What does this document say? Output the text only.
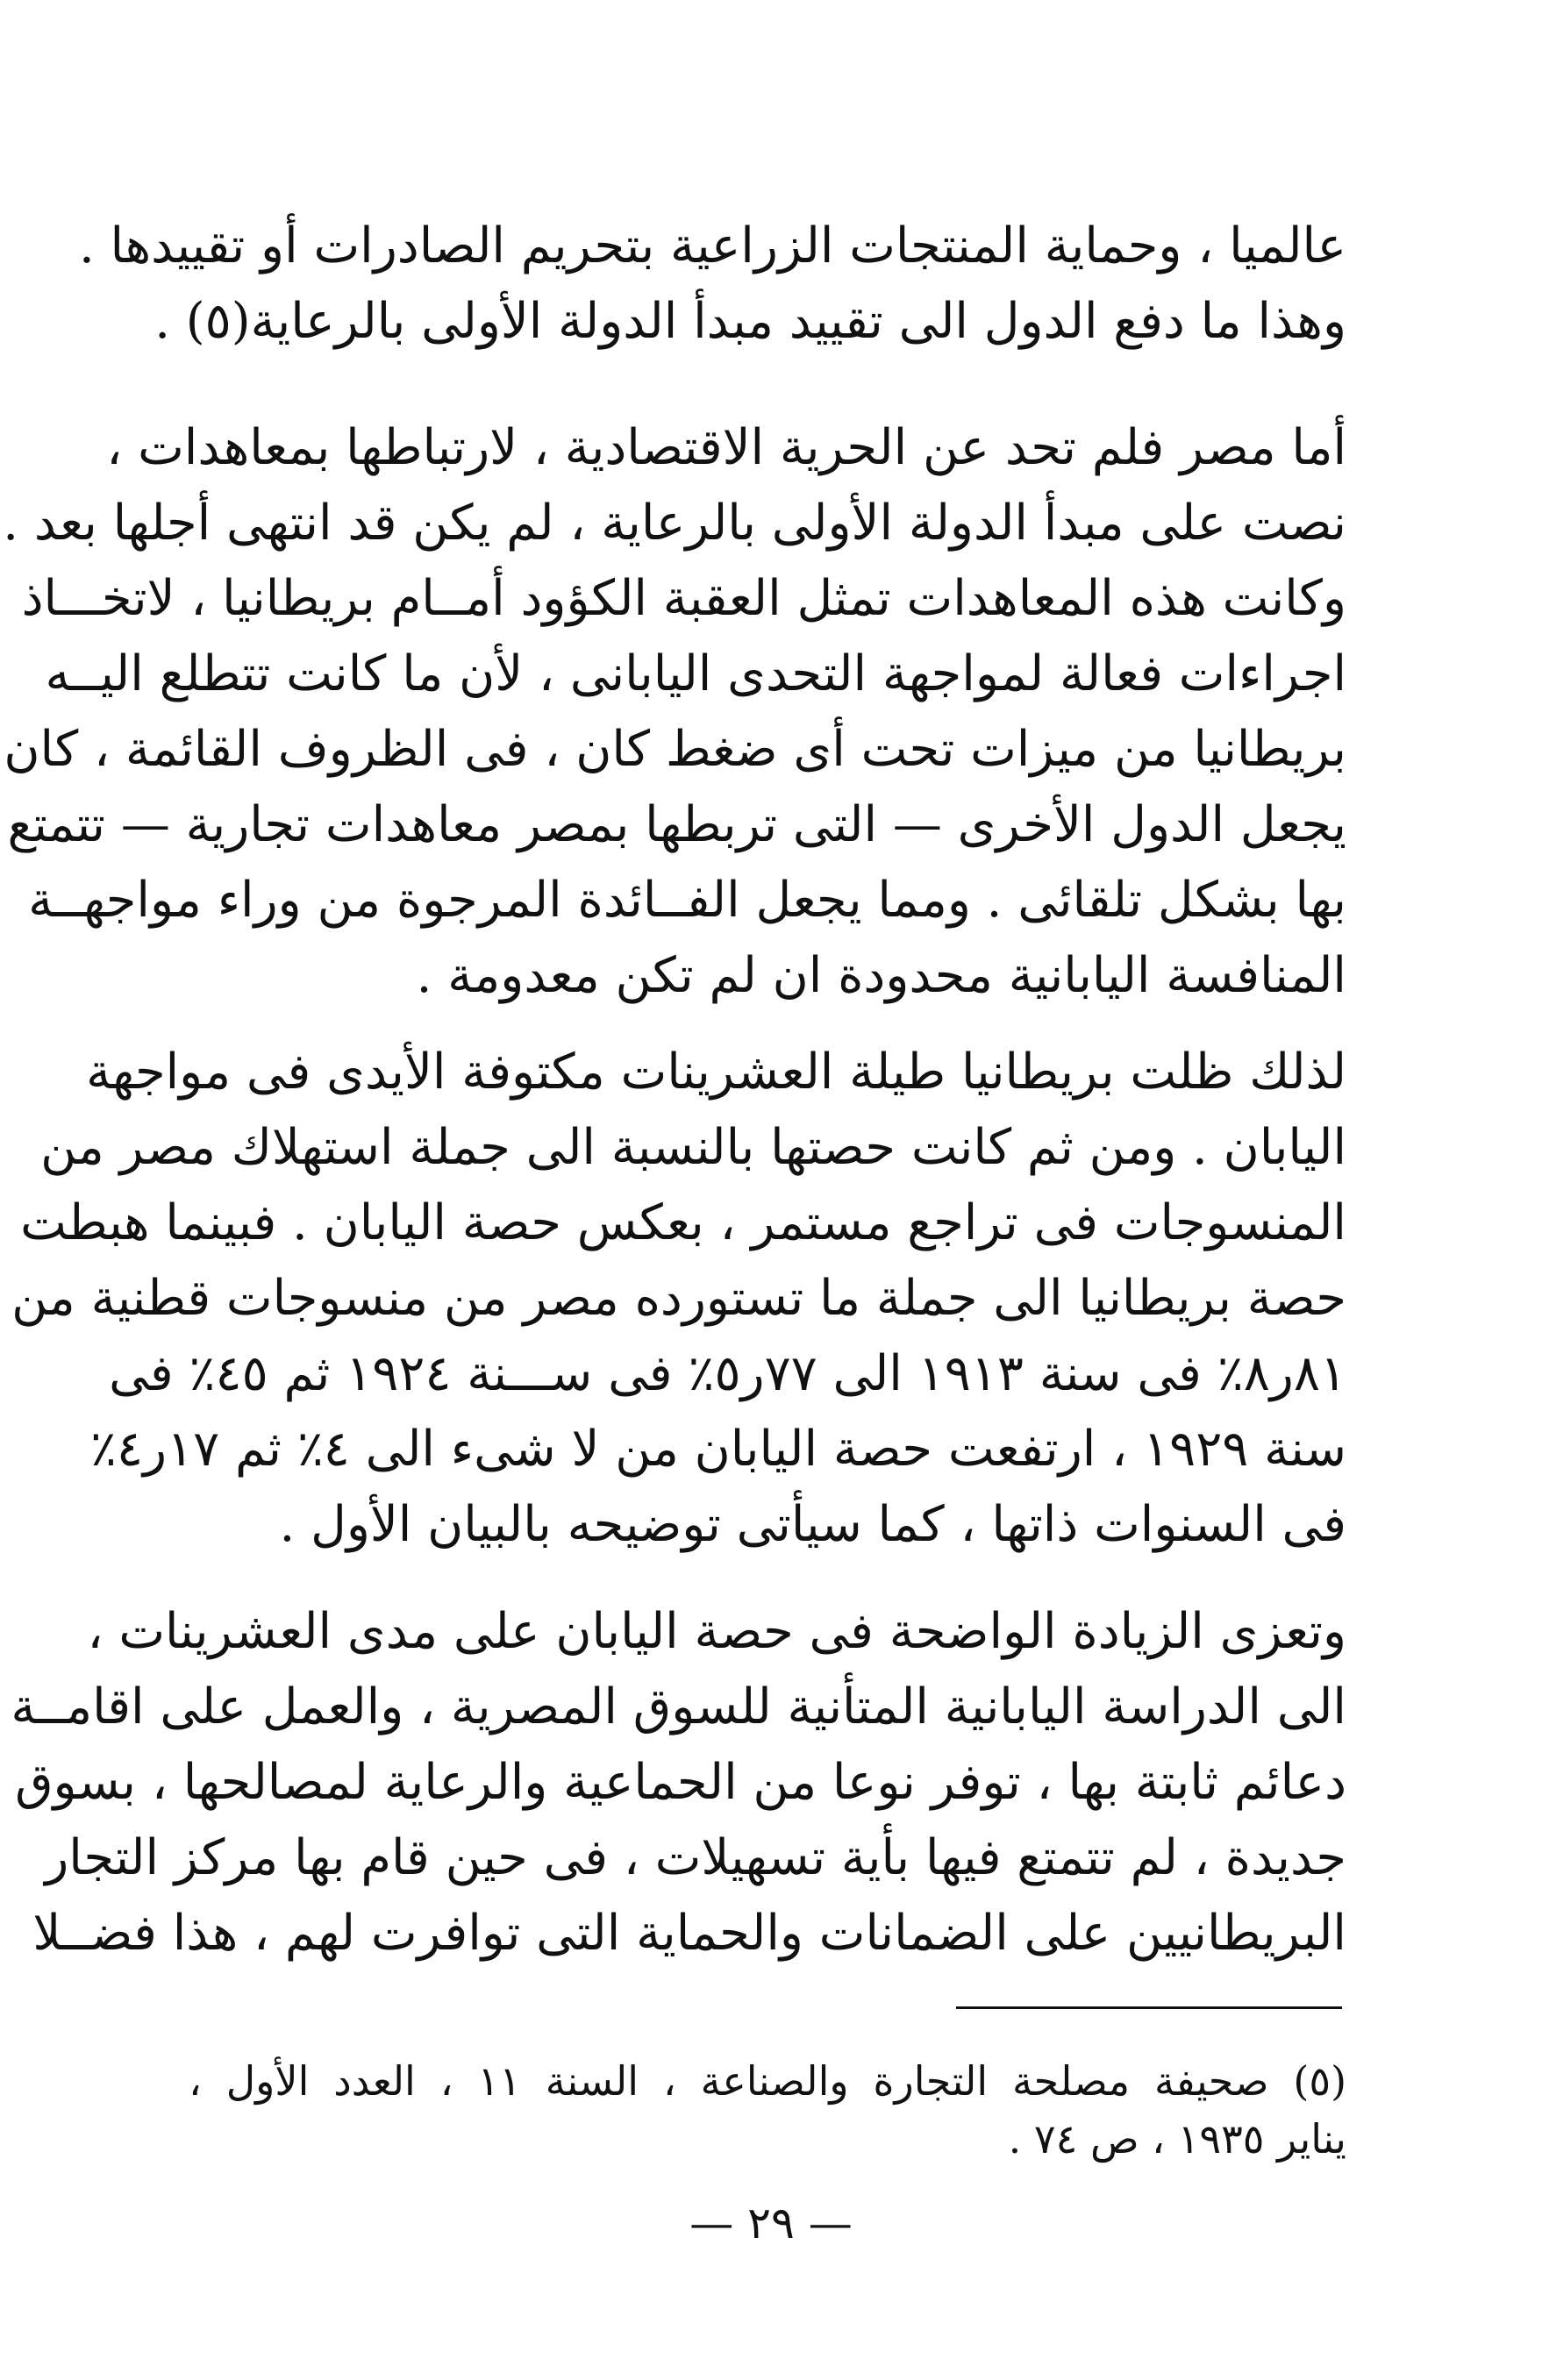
عالميا ، وحماية المنتجات الزراعية بتحريم الصادرات أو تقييدها .
وهذا ما دفع الدول الى تقييد مبدأ الدولة الأولى بالرعاية(٥) .
أما مصر فلم تحد عن الحرية الاقتصادية ، لارتباطها بمعاهدات ،
نصت على مبدأ الدولة الأولى بالرعاية ، لم يكن قد انتهى أجلها بعد .
وكانت هذه المعاهدات تمثل العقبة الكؤود أمــام بريطانيا ، لاتخـــاذ
اجراءات فعالة لمواجهة التحدى اليابانى ، لأن ما كانت تتطلع اليــه
بريطانيا من ميزات تحت أى ضغط كان ، فى الظروف القائمة ، كان
يجعل الدول الأخرى — التى تربطها بمصر معاهدات تجارية — تتمتع
بها بشكل تلقائى . ومما يجعل الفــائدة المرجوة من وراء مواجهــة
المنافسة اليابانية محدودة ان لم تكن معدومة .
لذلك ظلت بريطانيا طيلة العشرينات مكتوفة الأيدى فى مواجهة
اليابان . ومن ثم كانت حصتها بالنسبة الى جملة استهلاك مصر من
المنسوجات فى تراجع مستمر ، بعكس حصة اليابان . فبينما هبطت
حصة بريطانيا الى جملة ما تستورده مصر من منسوجات قطنية من
٨١ر٨٪ فى سنة ١٩١٣ الى ٧٧ر٥٪ فى ســـنة ١٩٢٤ ثم ٤٥٪ فى
سنة ١٩٢٩ ، ارتفعت حصة اليابان من لا شىء الى ٤٪ ثم ١٧ر٤٪
فى السنوات ذاتها ، كما سيأتى توضيحه بالبيان الأول .
وتعزى الزيادة الواضحة فى حصة اليابان على مدى العشرينات ،
الى الدراسة اليابانية المتأنية للسوق المصرية ، والعمل على اقامــة
دعائم ثابتة بها ، توفر نوعا من الحماعية والرعاية لمصالحها ، بسوق
جديدة ، لم تتمتع فيها بأية تسهيلات ، فى حين قام بها مركز التجار
البريطانيين على الضمانات والحماية التى توافرت لهم ، هذا فضــلا
(٥) صحيفة مصلحة التجارة والصناعة ، السنة ١١ ، العدد الأول ،
يناير ١٩٣٥ ، ص ٧٤ .
— ٢٩ —
